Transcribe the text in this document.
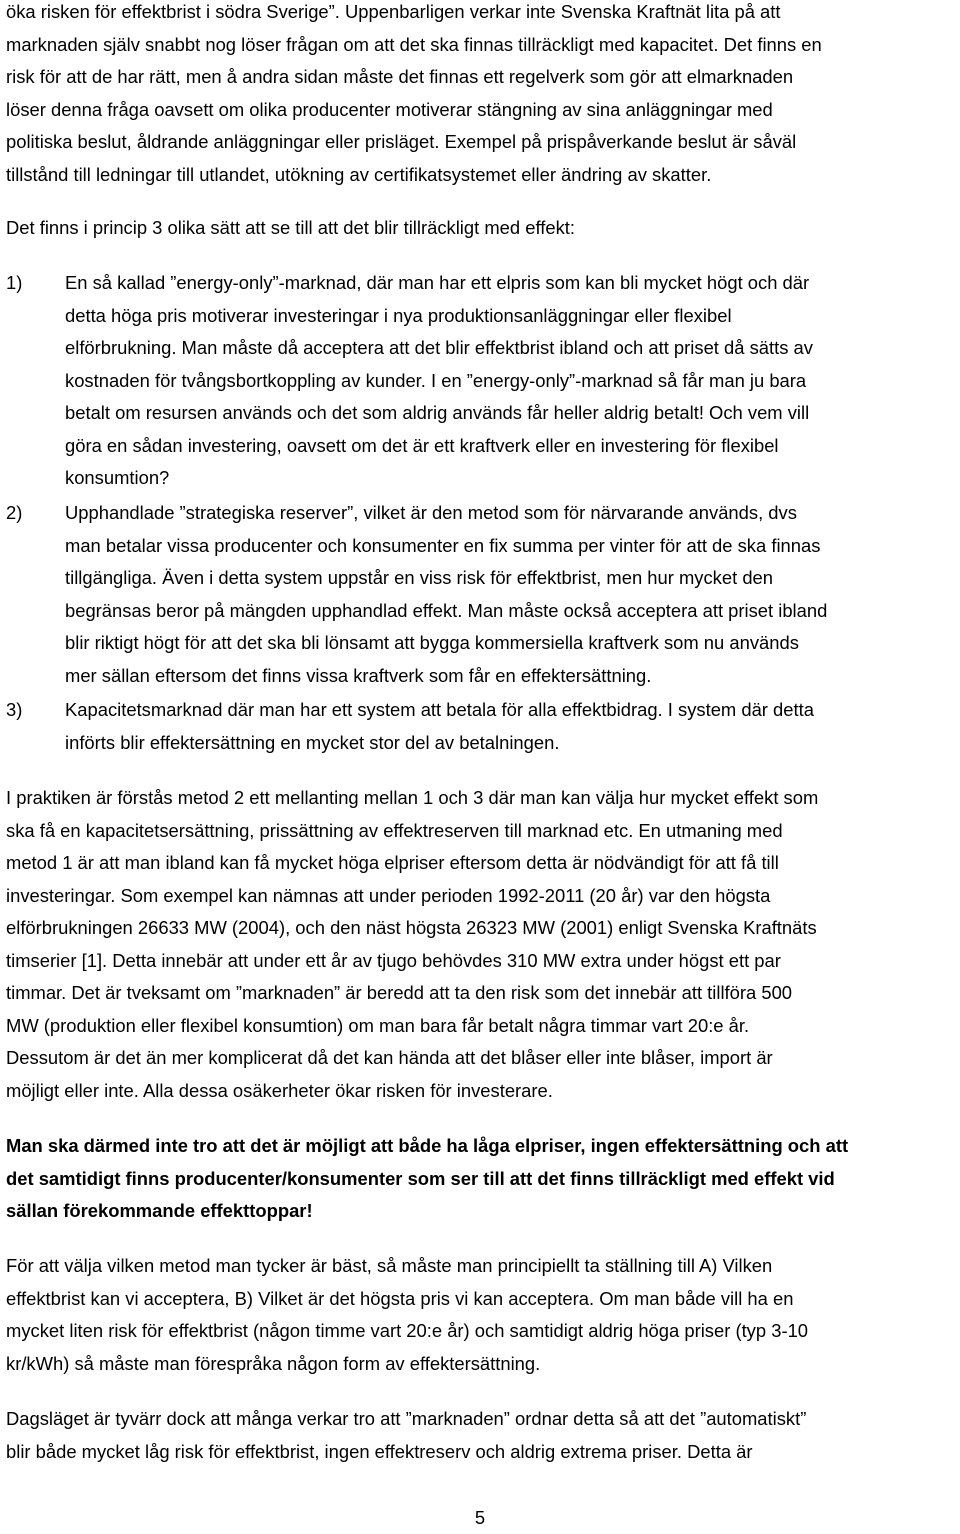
öka risken för effektbrist i södra Sverige”. Uppenbarligen verkar inte Svenska Kraftnät lita på att
marknaden själv snabbt nog löser frågan om att det ska finnas tillräckligt med kapacitet. Det finns en
risk för att de har rätt, men å andra sidan måste det finnas ett regelverk som gör att elmarknaden
löser denna fråga oavsett om olika producenter motiverar stängning av sina anläggningar med
politiska beslut, åldrande anläggningar eller prisläget. Exempel på prispåverkande beslut är såväl
tillstånd till ledningar till utlandet, utökning av certifikatsystemet eller ändring av skatter.
Det finns i princip 3 olika sätt att se till att det blir tillräckligt med effekt:
1) En så kallad ”energy-only”-marknad, där man har ett elpris som kan bli mycket högt och där
detta höga pris motiverar investeringar i nya produktionsanläggningar eller flexibel
elförbrukning. Man måste då acceptera att det blir effektbrist ibland och att priset då sätts av
kostnaden för tvångsbortkoppling av kunder. I en ”energy-only”-marknad så får man ju bara
betalt om resursen används och det som aldrig används får heller aldrig betalt! Och vem vill
göra en sådan investering, oavsett om det är ett kraftverk eller en investering för flexibel
konsumtion?
2) Upphandlade ”strategiska reserver”, vilket är den metod som för närvarande används, dvs
man betalar vissa producenter och konsumenter en fix summa per vinter för att de ska finnas
tillgängliga. Även i detta system uppstår en viss risk för effektbrist, men hur mycket den
begränsas beror på mängden upphandlad effekt. Man måste också acceptera att priset ibland
blir riktigt högt för att det ska bli lönsamt att bygga kommersiella kraftverk som nu används
mer sällan eftersom det finns vissa kraftverk som får en effektersättning.
3) Kapacitetsmarknad där man har ett system att betala för alla effektbidrag. I system där detta
införts blir effektersättning en mycket stor del av betalningen.
I praktiken är förstås metod 2 ett mellanting mellan 1 och 3 där man kan välja hur mycket effekt som
ska få en kapacitetsersättning, prissättning av effektreserven till marknad etc. En utmaning med
metod 1 är att man ibland kan få mycket höga elpriser eftersom detta är nödvändigt för att få till
investeringar. Som exempel kan nämnas att under perioden 1992-2011 (20 år) var den högsta
elförbrukningen 26633 MW (2004), och den näst högsta 26323 MW (2001) enligt Svenska Kraftnäts
timserier [1]. Detta innebär att under ett år av tjugo behövdes 310 MW extra under högst ett par
timmar. Det är tveksamt om ”marknaden” är beredd att ta den risk som det innebär att tillföra 500
MW (produktion eller flexibel konsumtion) om man bara får betalt några timmar vart 20:e år.
Dessutom är det än mer komplicerat då det kan hända att det blåser eller inte blåser, import är
möjligt eller inte. Alla dessa osäkerheter ökar risken för investerare.
Man ska därmed inte tro att det är möjligt att både ha låga elpriser, ingen effektersättning och att
det samtidigt finns producenter/konsumenter som ser till att det finns tillräckligt med effekt vid
sällan förekommande effekttoppar!
För att välja vilken metod man tycker är bäst, så måste man principiellt ta ställning till A) Vilken
effektbrist kan vi acceptera, B) Vilket är det högsta pris vi kan acceptera. Om man både vill ha en
mycket liten risk för effektbrist (någon timme vart 20:e år) och samtidigt aldrig höga priser (typ 3-10
kr/kWh) så måste man förespråka någon form av effektersättning.
Dagsläget är tyvärr dock att många verkar tro att ”marknaden” ordnar detta så att det ”automatiskt”
blir både mycket låg risk för effektbrist, ingen effektreserv och aldrig extrema priser. Detta är
5
